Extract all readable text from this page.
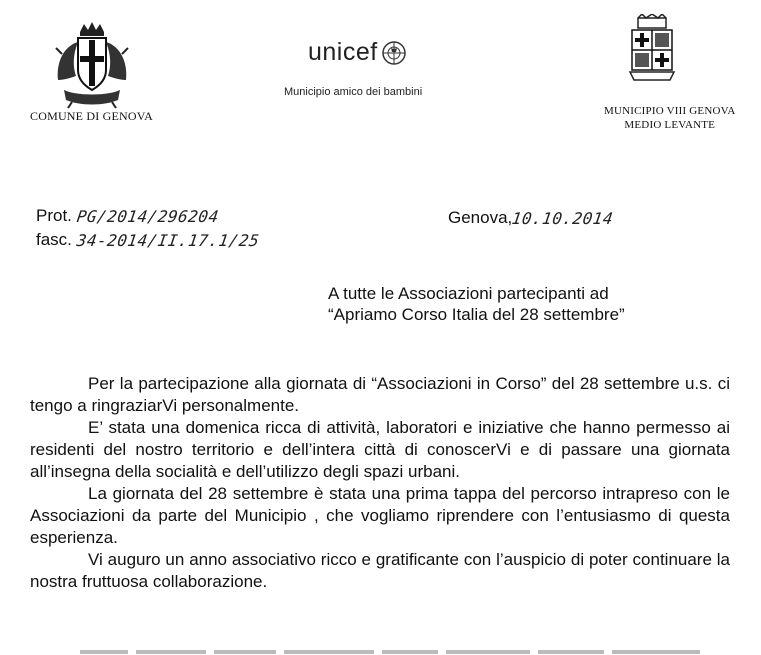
COMUNE DI GENOVA
unicef
Municipio amico dei bambini
MUNICIPIO VIII GENOVA
MEDIO LEVANTE
Prot. PG/2014/296204
fasc. 34-2014/II.17.1/25
Genova,10.10.2014
A tutte le Associazioni partecipanti ad
“Apriamo Corso Italia del 28 settembre”

Per la partecipazione alla giornata di “Associazioni in Corso” del 28 settembre u.s. ci tengo a ringraziarVi personalmente.

E’ stata una domenica ricca di attività, laboratori e iniziative che hanno permesso ai residenti del nostro territorio e dell’intera città di conoscerVi e di passare una giornata all’insegna della socialità e dell’utilizzo degli spazi urbani.

La giornata del 28 settembre è stata una prima tappa del percorso intrapreso con le Associazioni da parte del Municipio , che vogliamo riprendere con l’entusiasmo di questa esperienza.

Vi auguro un anno associativo ricco e gratificante con l’auspicio di poter continuare la nostra fruttuosa collaborazione.
